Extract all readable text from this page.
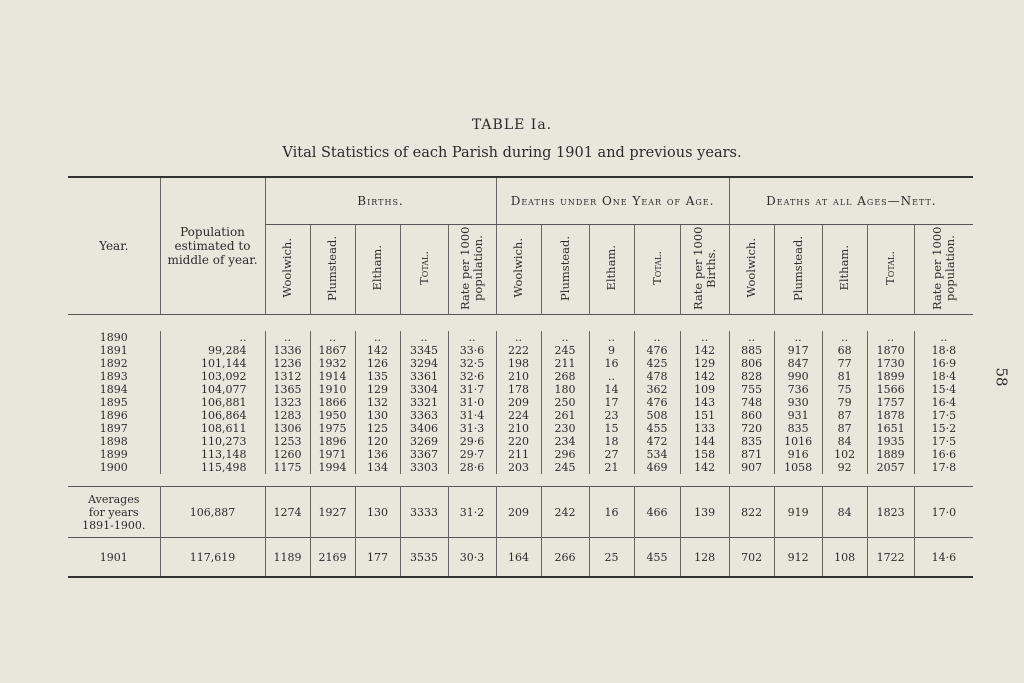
TABLE Ia.
Vital Statistics of each Parish during 1901 and previous years.
58
Year.	Population estimated to middle of year.	Births.					Deaths under One Year of Age.					Deaths at all Ages—Nett.				
		Woolwich.	Plumstead.	Eltham.	Total.	Rate per 1000 population.	Woolwich.	Plumstead.	Eltham.	Total.	Rate per 1000 Births.	Woolwich.	Plumstead.	Eltham.	Total.	Rate per 1000 population.

1890	..	..	..	..	..	..	..	..	..	..	..	..	..	..	..	..
1891	99,284	1336	1867	142	3345	33·6	222	245	9	476	142	885	917	68	1870	18·8
1892	101,144	1236	1932	126	3294	32·5	198	211	16	425	129	806	847	77	1730	16·9
1893	103,092	1312	1914	135	3361	32·6	210	268	..	478	142	828	990	81	1899	18·4
1894	104,077	1365	1910	129	3304	31·7	178	180	14	362	109	755	736	75	1566	15·4
1895	106,881	1323	1866	132	3321	31·0	209	250	17	476	143	748	930	79	1757	16·4
1896	106,864	1283	1950	130	3363	31·4	224	261	23	508	151	860	931	87	1878	17·5
1897	108,611	1306	1975	125	3406	31·3	210	230	15	455	133	720	835	87	1651	15·2
1898	110,273	1253	1896	120	3269	29·6	220	234	18	472	144	835	1016	84	1935	17·5
1899	113,148	1260	1971	136	3367	29·7	211	296	27	534	158	871	916	102	1889	16·6
1900	115,498	1175	1994	134	3303	28·6	203	245	21	469	142	907	1058	92	2057	17·8

Averages
for years
1891-1900.	106,887	1274	1927	130	3333	31·2	209	242	16	466	139	822	919	84	1823	17·0
1901	117,619	1189	2169	177	3535	30·3	164	266	25	455	128	702	912	108	1722	14·6
